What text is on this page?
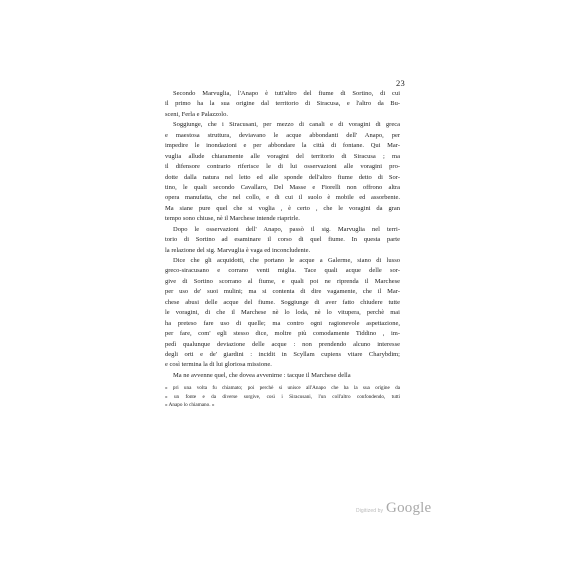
23
Secondo Marvuglia, l'Anapo è tutt'altro del fiume di Sortino, di cui
il primo ha la sua origine dal territorio di Siracusa, e l'altro da Bu-
sceni, Ferla e Palazzolo.
Soggiunge, che i Siracusani, per mezzo di canali e di voragini di greca
e maestosa struttura, deviavano le acque abbondanti dell' Anapo, per
impedire le inondazioni e per abbondare la città di fontane. Qui Mar-
vuglia allude chiaramente alle voragini del territorio di Siracusa ; ma
il difensore contrario riferisce le di lui osservazioni alle voragini pro-
dotte dalla natura nel letto ed alle sponde dell'altro fiume detto di Sor-
tino, le quali secondo Cavallaro, Del Masse e Fiorelli non offrono altra
opera manufatta, che nel collo, e di cui il suolo è mobile ed assorbente.
Ma siane pure quel che si voglia , è certo , che le voragini da gran
tempo sono chiuse, nè il Marchese intende riaprirle.
Dopo le osservazioni dell' Anapo, passò il sig. Marvuglia nel terri-
torio di Sortino ad esaminare il corso di quel fiume. In questa parte
la relazione del sig. Marvuglia è vaga ed inconcludente.
Dice che gli acquidotti, che portano le acque a Galerme, siano di lusso
greco-siracusano e corrano venti miglia. Tace quali acque delle sor-
give di Sortino scorrano al fiume, e quali poi ne riprenda il Marchese
per uso de' suoi mulini; ma si contenta di dire vagamente, che il Mar-
chese abusi delle acque del fiume. Soggiunge di aver fatto chiudere tutte
le voragini, di che il Marchese nè lo loda, nè lo vitupera, perchè mai
ha preteso fare uso di quelle; ma contro ogni ragionevole aspettazione,
per fare, com' egli stesso dice, moltre più comodamente Tiddino , im-
pedì qualunque deviazione delle acque : non prendendo alcuno interesse
degli orti e de' giardini : incidit in Scyllam cupiens vitare Charybdim;
e così termina la di lui gloriosa missione.
Ma ne avvenne quel, che dovea avvenirne : tacque il Marchese della
» pri una volta fu chiamato; poi perchè si unisce all'Anapo che ha la sua origine da
» un fonte e da diverse sorgive, così i Siracusani, l'un coll'altro confondendo, tutti
» Anapo lo chiamano. »
Digitized by Google
